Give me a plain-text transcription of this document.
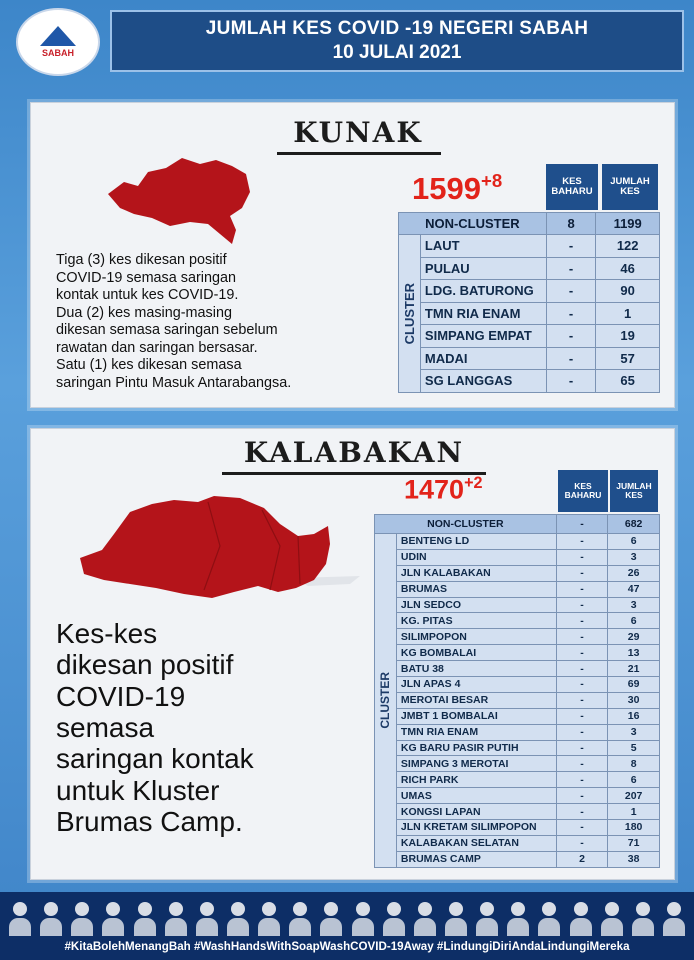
SABAH
JUMLAH KES COVID -19 NEGERI SABAH
10 JULAI 2021
KUNAK
$1599^{+8}$	KES BAHARU
JUMLAH KES
NON-CLUSTER		8	1199

CLUSTER	LAUT	-	122
	PULAU	-	46
	LDG. BATURONG	-	90
	TMN RIA ENAM	-	1
	SIMPANG EMPAT	-	19
	MADAI	-	57
	SG LANGGAS	-	65
Tiga (3) kes dikesan positif
COVID-19 semasa saringan
kontak untuk kes COVID-19.
Dua (2) kes masing-masing
dikesan semasa saringan sebelum
rawatan dan saringan bersasar.
Satu (1) kes dikesan semasa
saringan Pintu Masuk Antarabangsa.
KALABAKAN
$1470^{+2}$	KES BAHARU
JUMLAH KES
NON-CLUSTER		-	682

CLUSTER	BENTENG LD	-	6
	UDIN	-	3
	JLN KALABAKAN	-	26
	BRUMAS	-	47
	JLN SEDCO	-	3
	KG. PITAS	-	6
	SILIMPOPON	-	29
	KG BOMBALAI	-	13
	BATU 38	-	21
	JLN APAS 4	-	69
	MEROTAI BESAR	-	30
	JMBT 1 BOMBALAI	-	16
	TMN RIA ENAM	-	3
	KG BARU PASIR PUTIH	-	5
	SIMPANG 3 MEROTAI	-	8
	RICH PARK	-	6
	UMAS	-	207
	KONGSI LAPAN	-	1
	JLN KRETAM SILIMPOPON	-	180
	KALABAKAN SELATAN	-	71
	BRUMAS CAMP	2	38
Kes-kes
dikesan positif
COVID-19
semasa
saringan kontak
untuk Kluster
Brumas Camp.
#KitaBolehMenangBah #WashHandsWithSoapWashCOVID-19Away #LindungiDiriAndaLindungiMereka
